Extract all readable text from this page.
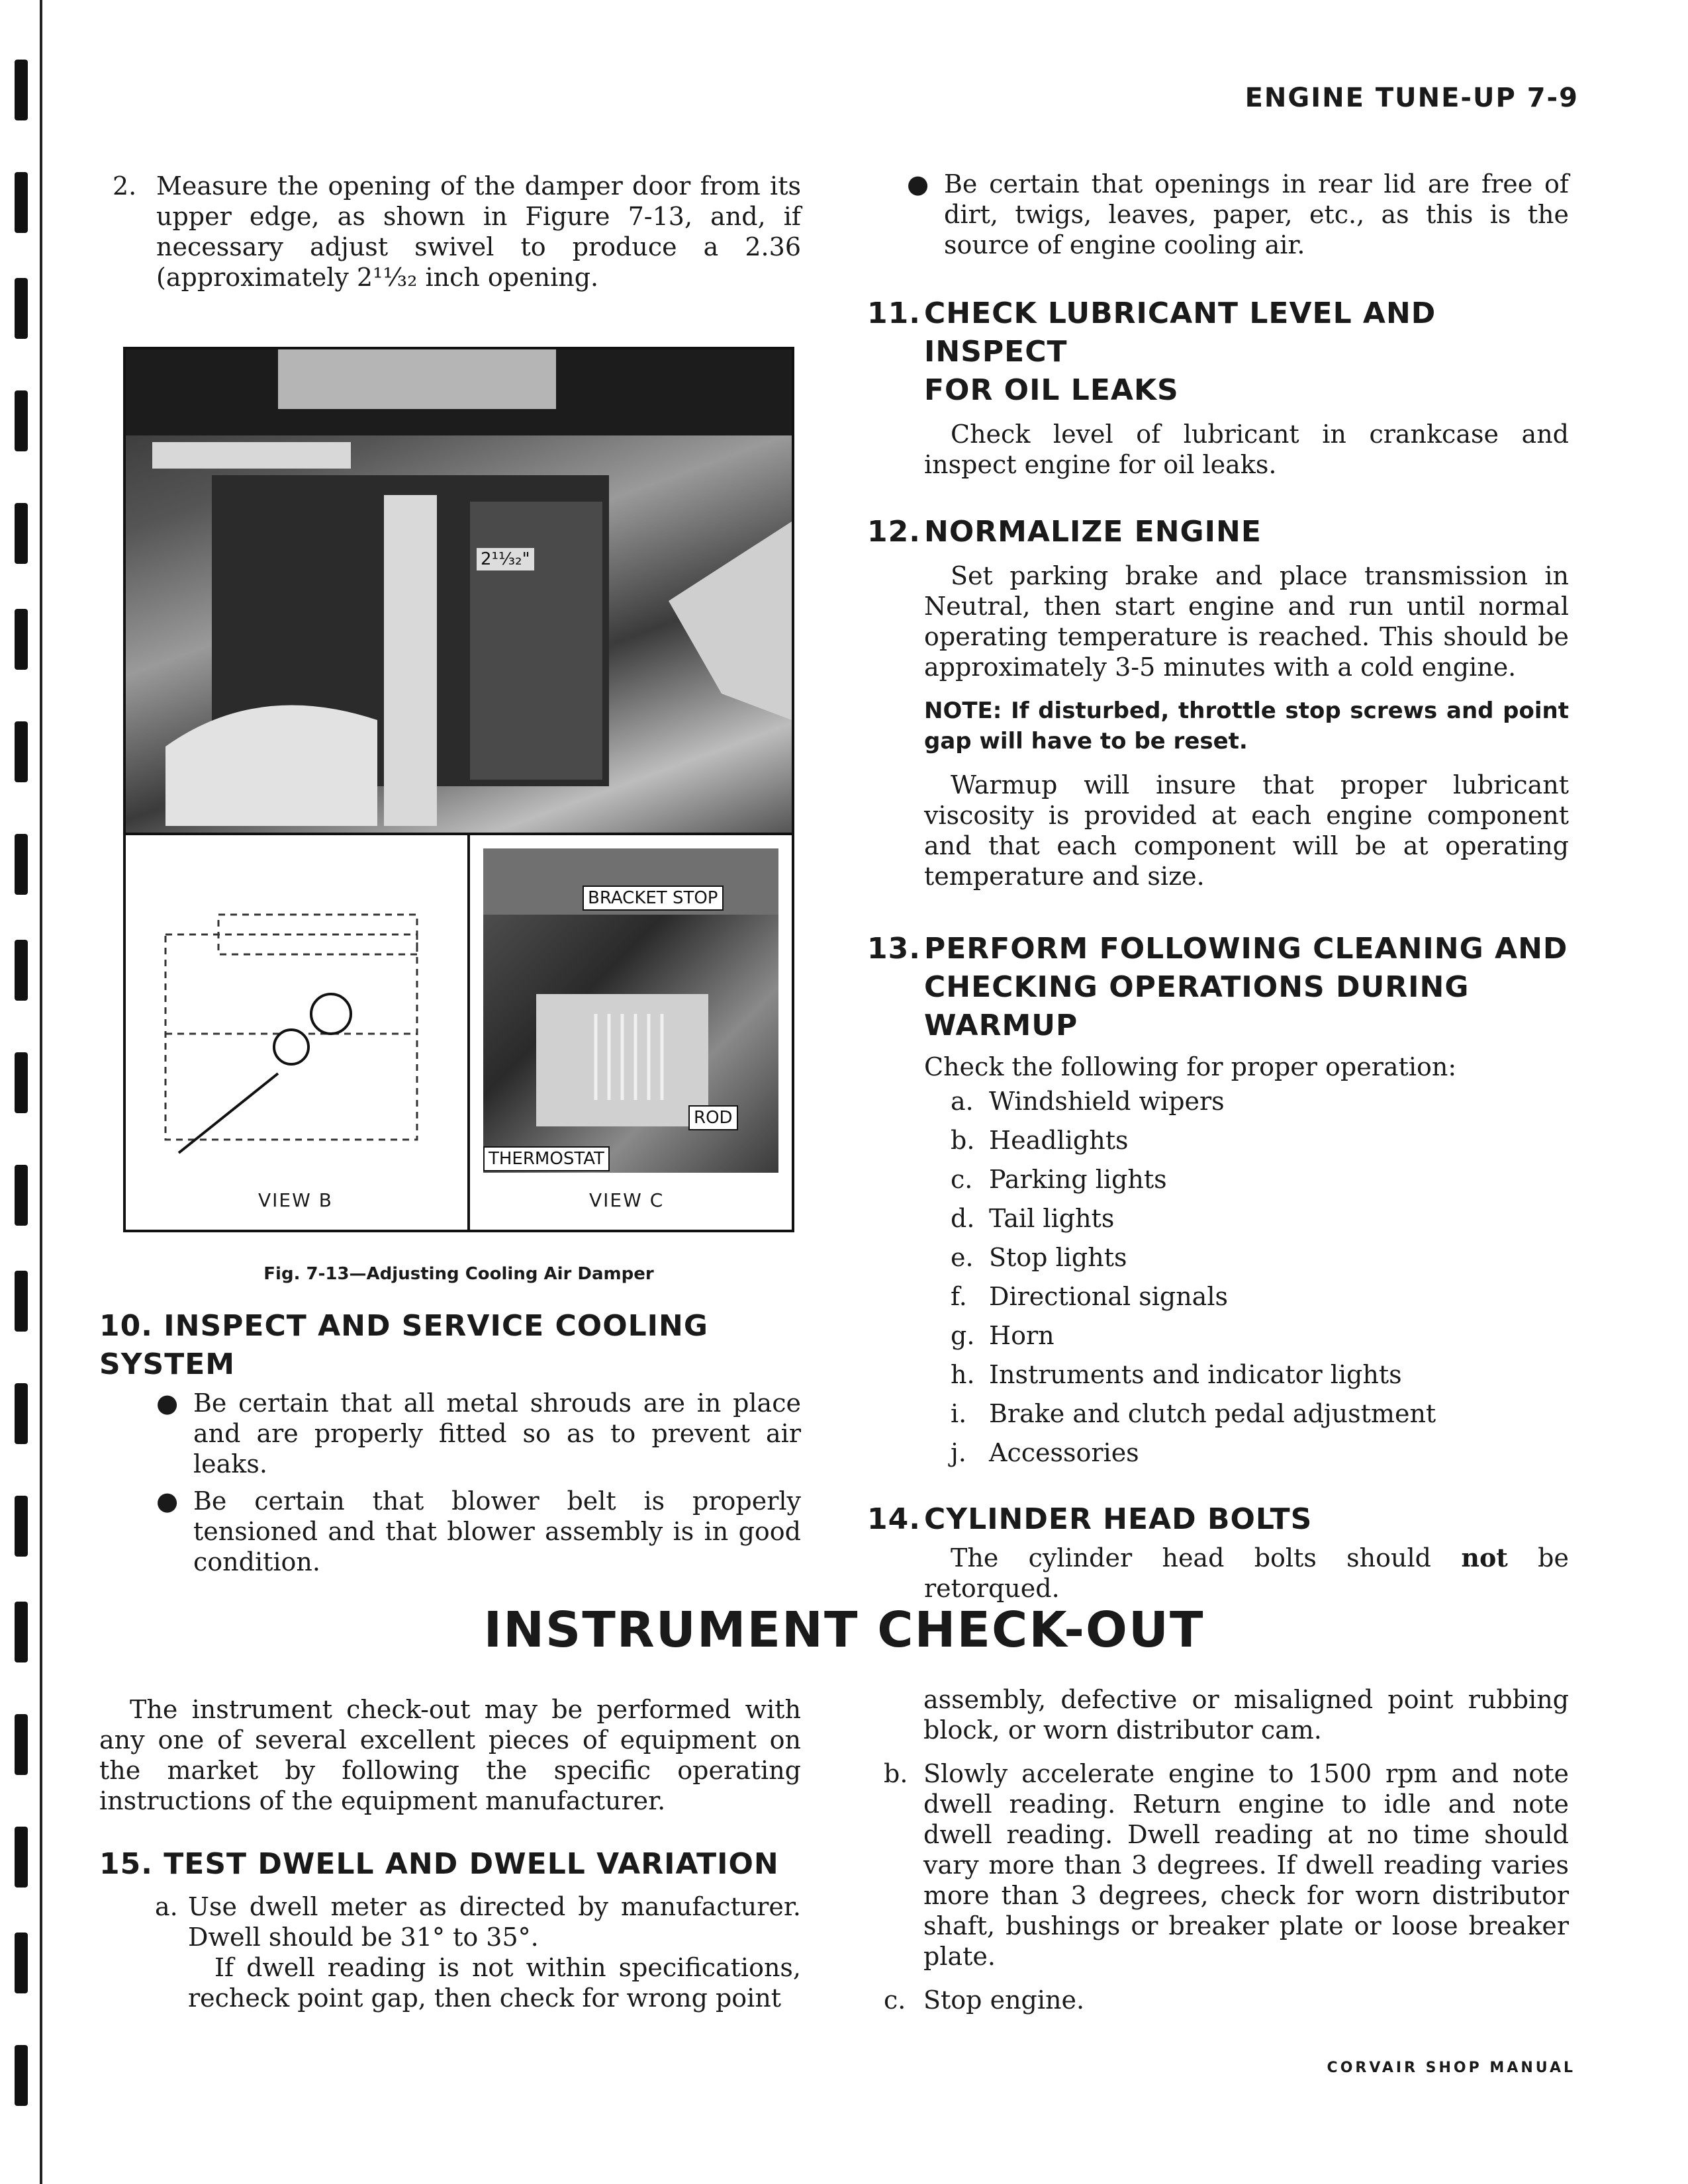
ENGINE TUNE-UP 7-9
2. Measure the opening of the damper door from its upper edge, as shown in Figure 7-13, and, if necessary adjust swivel to produce a 2.36 (approximately 2¹¹⁄₃₂ inch opening.

2¹¹⁄₃₂"
VIEW B
BRACKET STOP
ROD
THERMOSTAT
VIEW C
Fig. 7-13—Adjusting Cooling Air Damper

10. INSPECT AND SERVICE COOLING SYSTEM

● Be certain that all metal shrouds are in place and are properly fitted so as to prevent air leaks.

● Be certain that blower belt is properly tensioned and that blower assembly is in good condition.

● Be certain that openings in rear lid are free of dirt, twigs, leaves, paper, etc., as this is the source of engine cooling air.

11. CHECK LUBRICANT LEVEL AND INSPECT

FOR OIL LEAKS

Check level of lubricant in crankcase and inspect engine for oil leaks.

12. NORMALIZE ENGINE

Set parking brake and place transmission in Neutral, then start engine and run until normal operating temperature is reached. This should be approximately 3-5 minutes with a cold engine.

NOTE: If disturbed, throttle stop screws and point gap will have to be reset.

Warmup will insure that proper lubricant viscosity is provided at each engine component and that each component will be at operating temperature and size.

13. PERFORM FOLLOWING CLEANING AND

CHECKING OPERATIONS DURING WARMUP

Check the following for proper operation:

a. Windshield wipers
b. Headlights
c. Parking lights
d. Tail lights
e. Stop lights
f. Directional signals
g. Horn
h. Instruments and indicator lights
i. Brake and clutch pedal adjustment
j. Accessories
14. CYLINDER HEAD BOLTS

The cylinder head bolts should not be retorqued.

INSTRUMENT CHECK-OUT

The instrument check-out may be performed with any one of several excellent pieces of equipment on the market by following the specific operating instructions of the equipment manufacturer.

15. TEST DWELL AND DWELL VARIATION

a. Use dwell meter as directed by manufacturer. Dwell should be 31° to 35°.

If dwell reading is not within specifications, recheck point gap, then check for wrong point

assembly, defective or misaligned point rubbing block, or worn distributor cam.

b. Slowly accelerate engine to 1500 rpm and note dwell reading. Return engine to idle and note dwell reading. Dwell reading at no time should vary more than 3 degrees. If dwell reading varies more than 3 degrees, check for worn distributor shaft, bushings or breaker plate or loose breaker plate.

c. Stop engine.

CORVAIR SHOP MANUAL
